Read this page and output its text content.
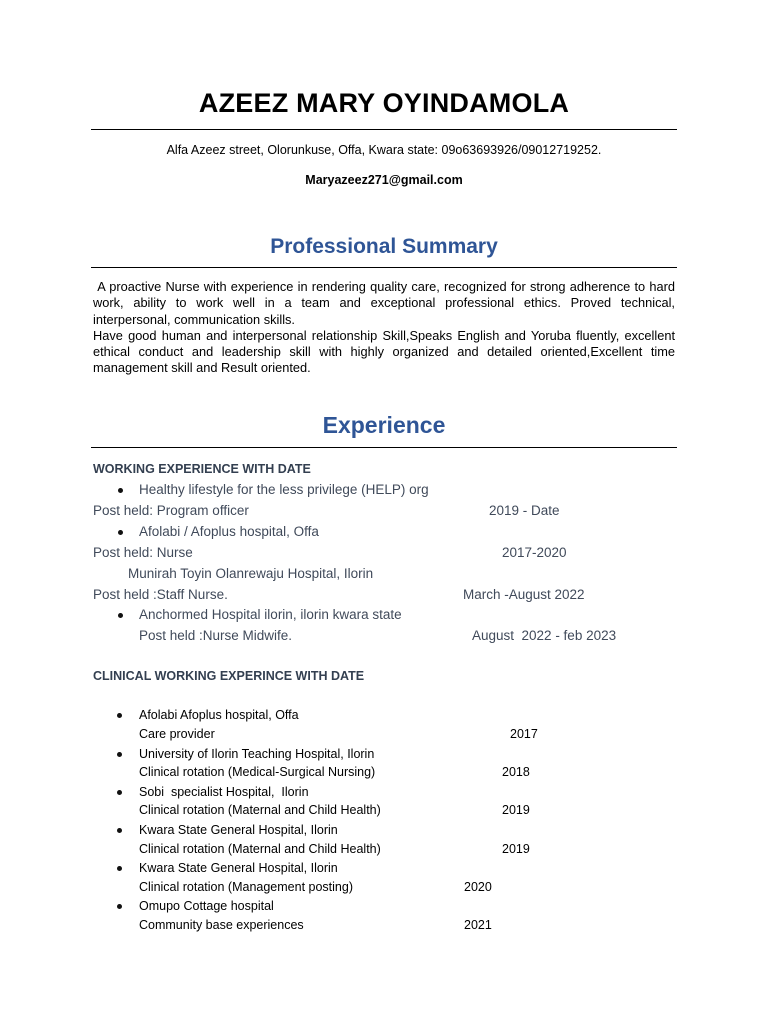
AZEEZ MARY OYINDAMOLA
Alfa Azeez street, Olorunkuse, Offa, Kwara state: 09o63693926/09012719252.
Maryazeez271@gmail.com
Professional Summary

A proactive Nurse with experience in rendering quality care, recognized for strong adherence to hard work, ability to work well in a team and exceptional professional ethics. Proved technical, interpersonal, communication skills.

Have good human and interpersonal relationship Skill,Speaks English and Yoruba fluently, excellent ethical conduct and leadership skill with highly organized and detailed oriented,Excellent time management skill and Result oriented.

Experience
WORKING EXPERIENCE WITH DATE
Healthy lifestyle for the less privilege (HELP) org
Post held: Program officer	2019 - Date
Afolabi / Afoplus hospital, Offa
Post held: Nurse	2017-2020
Munirah Toyin Olanrewaju Hospital, Ilorin
Post held :Staff Nurse.	March -August 2022
Anchormed Hospital ilorin, ilorin kwara state
Post held :Nurse Midwife.	August  2022 - feb 2023
CLINICAL WORKING EXPERINCE WITH DATE
Afolabi Afoplus hospital, Offa
Care provider	2017
University of Ilorin Teaching Hospital, Ilorin
Clinical rotation (Medical-Surgical Nursing)	2018
Sobi  specialist Hospital,  Ilorin
Clinical rotation (Maternal and Child Health)	2019
Kwara State General Hospital, Ilorin
Clinical rotation (Maternal and Child Health)	2019
Kwara State General Hospital, Ilorin
Clinical rotation (Management posting)	2020
Omupo Cottage hospital
Community base experiences	2021
